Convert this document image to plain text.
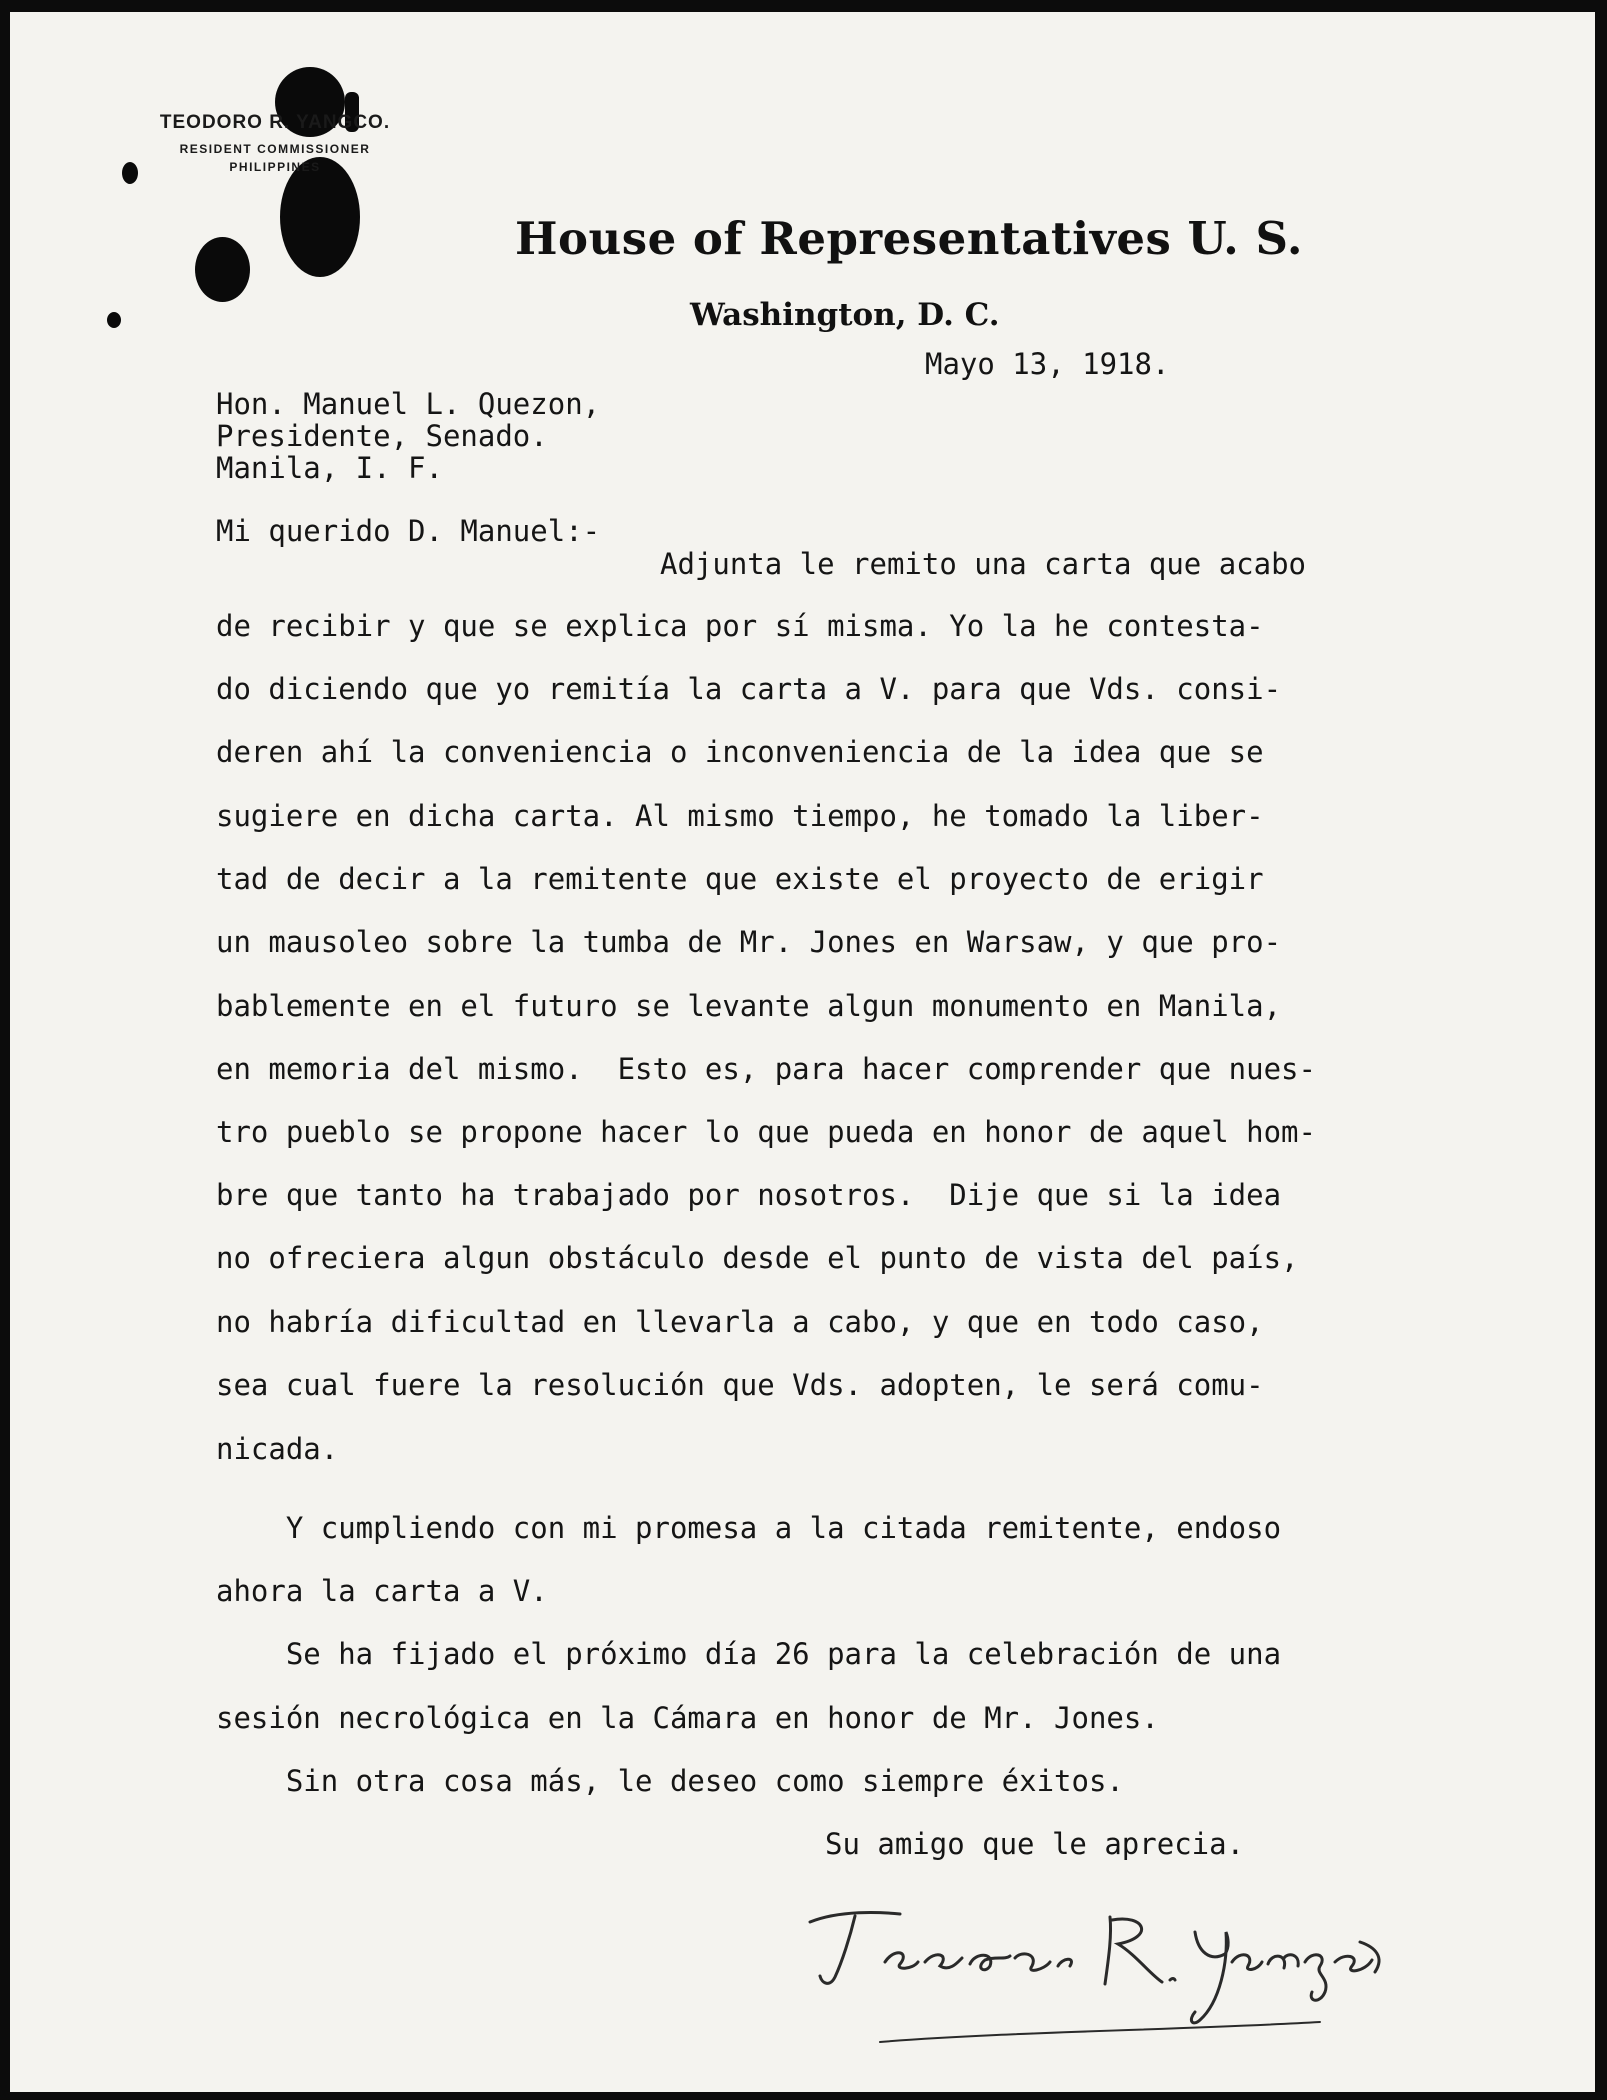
TEODORO R. YANGCO.
RESIDENT COMMISSIONER
PHILIPPINES
House of Representatives U. S.
Washington, D. C.
Mayo 13, 1918.
Hon. Manuel L. Quezon,
Presidente, Senado.
Manila, I. F.
Mi querido D. Manuel:-
Adjunta le remito una carta que acabo
de recibir y que se explica por sí misma. Yo la he contesta-
do diciendo que yo remitía la carta a V. para que Vds. consi-
deren ahí la conveniencia o inconveniencia de la idea que se
sugiere en dicha carta. Al mismo tiempo, he tomado la liber-
tad de decir a la remitente que existe el proyecto de erigir
un mausoleo sobre la tumba de Mr. Jones en Warsaw, y que pro-
bablemente en el futuro se levante algun monumento en Manila,
en memoria del mismo.  Esto es, para hacer comprender que nues-
tro pueblo se propone hacer lo que pueda en honor de aquel hom-
bre que tanto ha trabajado por nosotros.  Dije que si la idea
no ofreciera algun obstáculo desde el punto de vista del país,
no habría dificultad en llevarla a cabo, y que en todo caso,
sea cual fuere la resolución que Vds. adopten, le será comu-
nicada.
Y cumpliendo con mi promesa a la citada remitente, endoso
ahora la carta a V.
Se ha fijado el próximo día 26 para la celebración de una
sesión necrológica en la Cámara en honor de Mr. Jones.
Sin otra cosa más, le deseo como siempre éxitos.
Su amigo que le aprecia.
